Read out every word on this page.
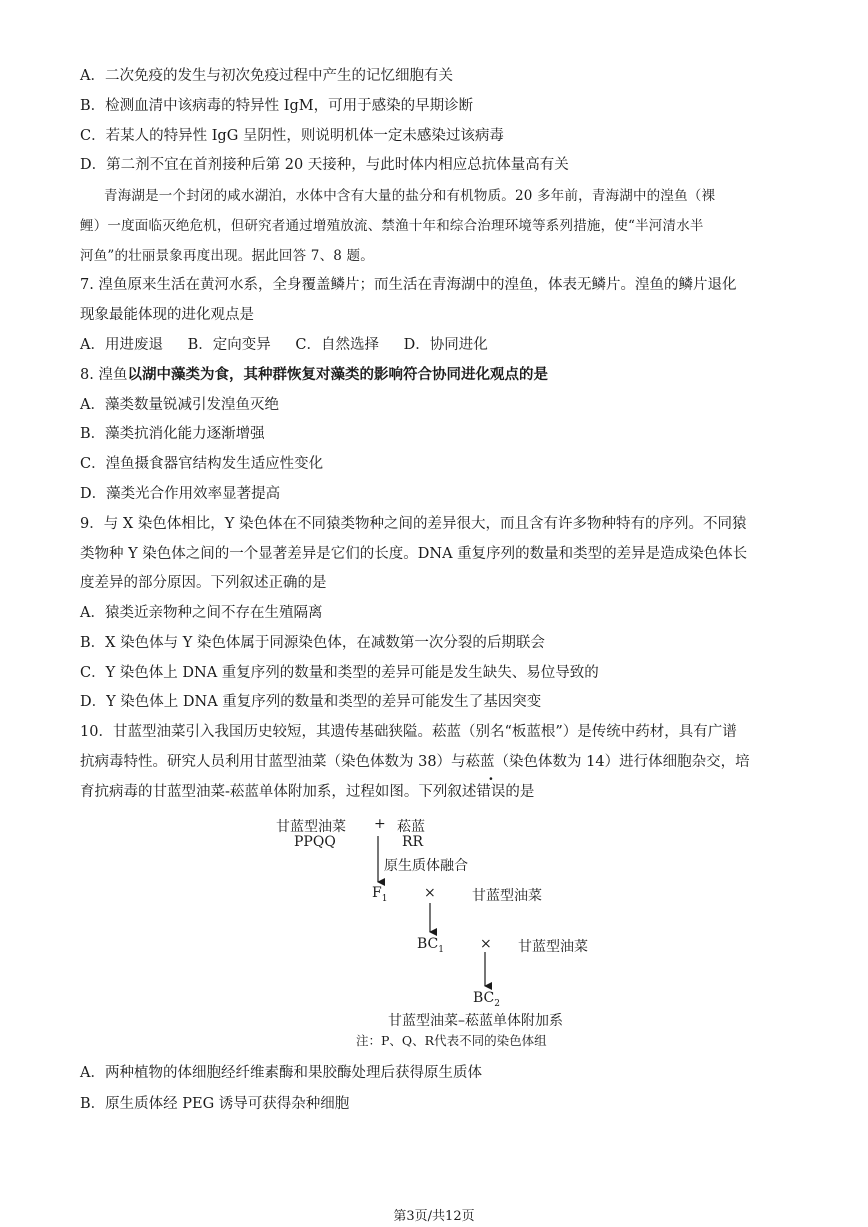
A．二次免疫的发生与初次免疫过程中产生的记忆细胞有关
B．检测血清中该病毒的特异性 IgM，可用于感染的早期诊断
C．若某人的特异性 IgG 呈阴性，则说明机体一定未感染过该病毒
D．第二剂不宜在首剂接种后第 20 天接种，与此时体内相应总抗体量高有关
青海湖是一个封闭的咸水湖泊，水体中含有大量的盐分和有机物质。20 多年前，青海湖中的湟鱼（裸
鲤）一度面临灭绝危机，但研究者通过增殖放流、禁渔十年和综合治理环境等系列措施，使“半河清水半
河鱼”的壮丽景象再度出现。据此回答 7、8 题。
7. 湟鱼原来生活在黄河水系，全身覆盖鳞片；而生活在青海湖中的湟鱼，体表无鳞片。湟鱼的鳞片退化
现象最能体现的进化观点是
A．用进废退 B．定向变异 C．自然选择 D．协同进化
8. 湟鱼以湖中藻类为食，其种群恢复对藻类的影响符合协同进化观点的是
A．藻类数量锐减引发湟鱼灭绝
B．藻类抗消化能力逐渐增强
C．湟鱼摄食器官结构发生适应性变化
D．藻类光合作用效率显著提高
9．与 X 染色体相比，Y 染色体在不同猿类物种之间的差异很大，而且含有许多物种特有的序列。不同猿
类物种 Y 染色体之间的一个显著差异是它们的长度。DNA 重复序列的数量和类型的差异是造成染色体长
度差异的部分原因。下列叙述正确的是
A．猿类近亲物种之间不存在生殖隔离
B．X 染色体与 Y 染色体属于同源染色体，在减数第一次分裂的后期联会
C．Y 染色体上 DNA 重复序列的数量和类型的差异可能是发生缺失、易位导致的
D．Y 染色体上 DNA 重复序列的数量和类型的差异可能发生了基因突变
10．甘蓝型油菜引入我国历史较短，其遗传基础狭隘。菘蓝（别名“板蓝根”）是传统中药材，具有广谱
抗病毒特性。研究人员利用甘蓝型油菜（染色体数为 38）与菘蓝（染色体数为 14）进行体细胞杂交，培
育抗病毒的甘蓝型油菜-菘蓝单体附加系，过程如图。下列叙述错误的是
甘蓝型油菜 + 菘蓝
PPQQ	RR
原生质体融合
$F_1$	×	甘蓝型油菜
$BC_1$	× 甘蓝型油菜
$BC_2$
甘蓝型油菜–菘蓝单体附加系
注：P、Q、R代表不同的染色体组
A．两种植物的体细胞经纤维素酶和果胶酶处理后获得原生质体
B．原生质体经 PEG 诱导可获得杂种细胞
第3页/共12页
